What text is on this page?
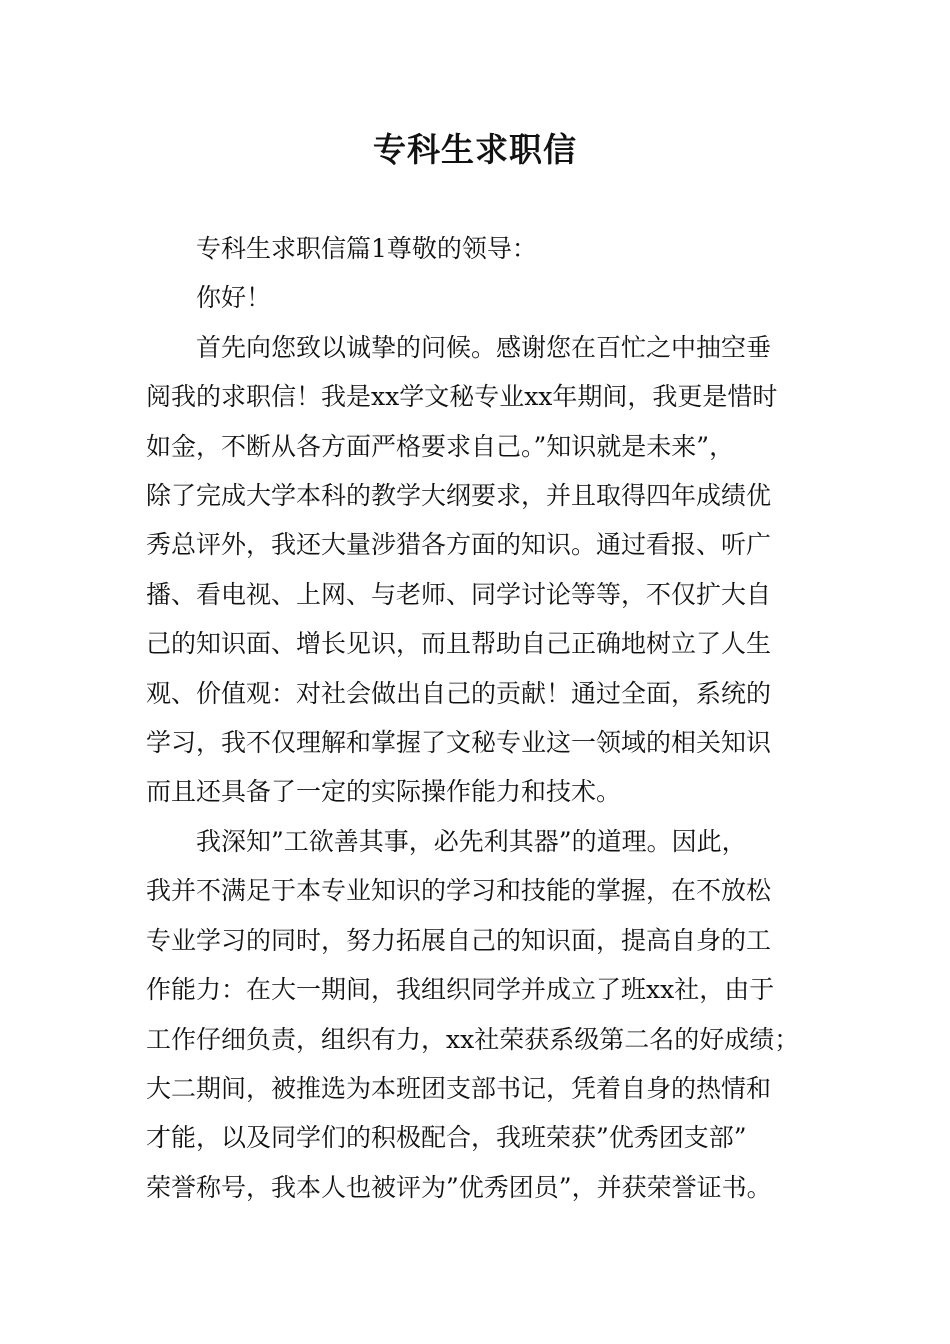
专科生求职信
专科生求职信篇1尊敬的领导：
你好！
首先向您致以诚挚的问候。感谢您在百忙之中抽空垂
阅我的求职信！我是xx学文秘专业xx年期间，我更是惜时
如金，不断从各方面严格要求自己。”知识就是未来”，
除了完成大学本科的教学大纲要求，并且取得四年成绩优
秀总评外，我还大量涉猎各方面的知识。通过看报、听广
播、看电视、上网、与老师、同学讨论等等，不仅扩大自
己的知识面、增长见识，而且帮助自己正确地树立了人生
观、价值观：对社会做出自己的贡献！通过全面，系统的
学习，我不仅理解和掌握了文秘专业这一领域的相关知识
而且还具备了一定的实际操作能力和技术。
我深知”工欲善其事，必先利其器”的道理。因此，
我并不满足于本专业知识的学习和技能的掌握，在不放松
专业学习的同时，努力拓展自己的知识面，提高自身的工
作能力：在大一期间，我组织同学并成立了班xx社，由于
工作仔细负责，组织有力，xx社荣获系级第二名的好成绩；
大二期间，被推选为本班团支部书记，凭着自身的热情和
才能，以及同学们的积极配合，我班荣获”优秀团支部”
荣誉称号，我本人也被评为”优秀团员”，并获荣誉证书。
